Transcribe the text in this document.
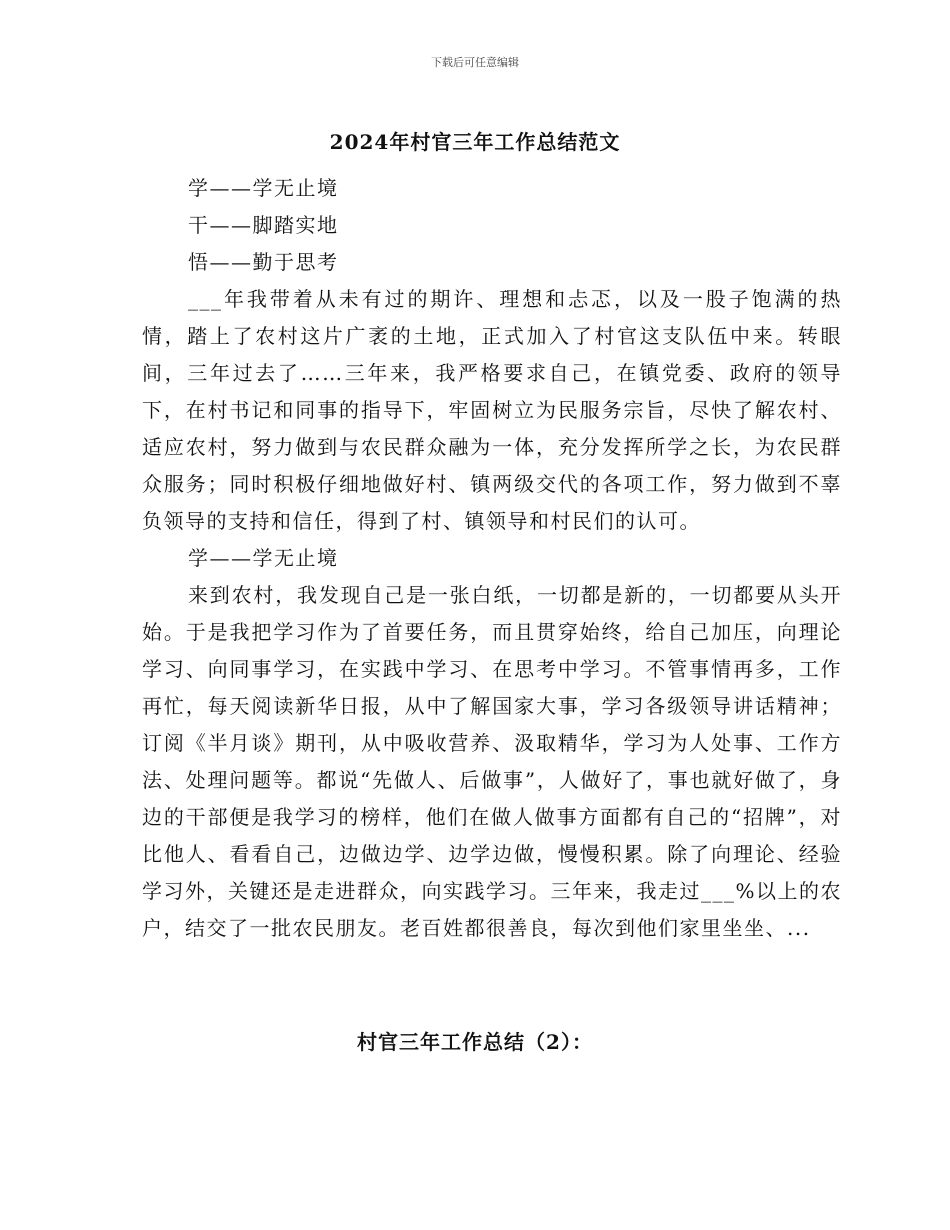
下载后可任意编辑
2024年村官三年工作总结范文

学——学无止境

干——脚踏实地

悟——勤于思考

___年我带着从未有过的期许、理想和忐忑，以及一股子饱满的热情，踏上了农村这片广袤的土地，正式加入了村官这支队伍中来。转眼间，三年过去了……三年来，我严格要求自己，在镇党委、政府的领导下，在村书记和同事的指导下，牢固树立为民服务宗旨，尽快了解农村、适应农村，努力做到与农民群众融为一体，充分发挥所学之长，为农民群众服务；同时积极仔细地做好村、镇两级交代的各项工作，努力做到不辜负领导的支持和信任，得到了村、镇领导和村民们的认可。

学——学无止境

来到农村，我发现自己是一张白纸，一切都是新的，一切都要从头开始。于是我把学习作为了首要任务，而且贯穿始终，给自己加压，向理论学习、向同事学习，在实践中学习、在思考中学习。不管事情再多，工作再忙，每天阅读新华日报，从中了解国家大事，学习各级领导讲话精神；订阅《半月谈》期刊，从中吸收营养、汲取精华，学习为人处事、工作方法、处理问题等。都说“先做人、后做事”，人做好了，事也就好做了，身边的干部便是我学习的榜样，他们在做人做事方面都有自己的“招牌”，对比他人、看看自己，边做边学、边学边做，慢慢积累。除了向理论、经验学习外，关键还是走进群众，向实践学习。三年来，我走过___%以上的农户，结交了一批农民朋友。老百姓都很善良，每次到他们家里坐坐、...

村官三年工作总结（2）：
